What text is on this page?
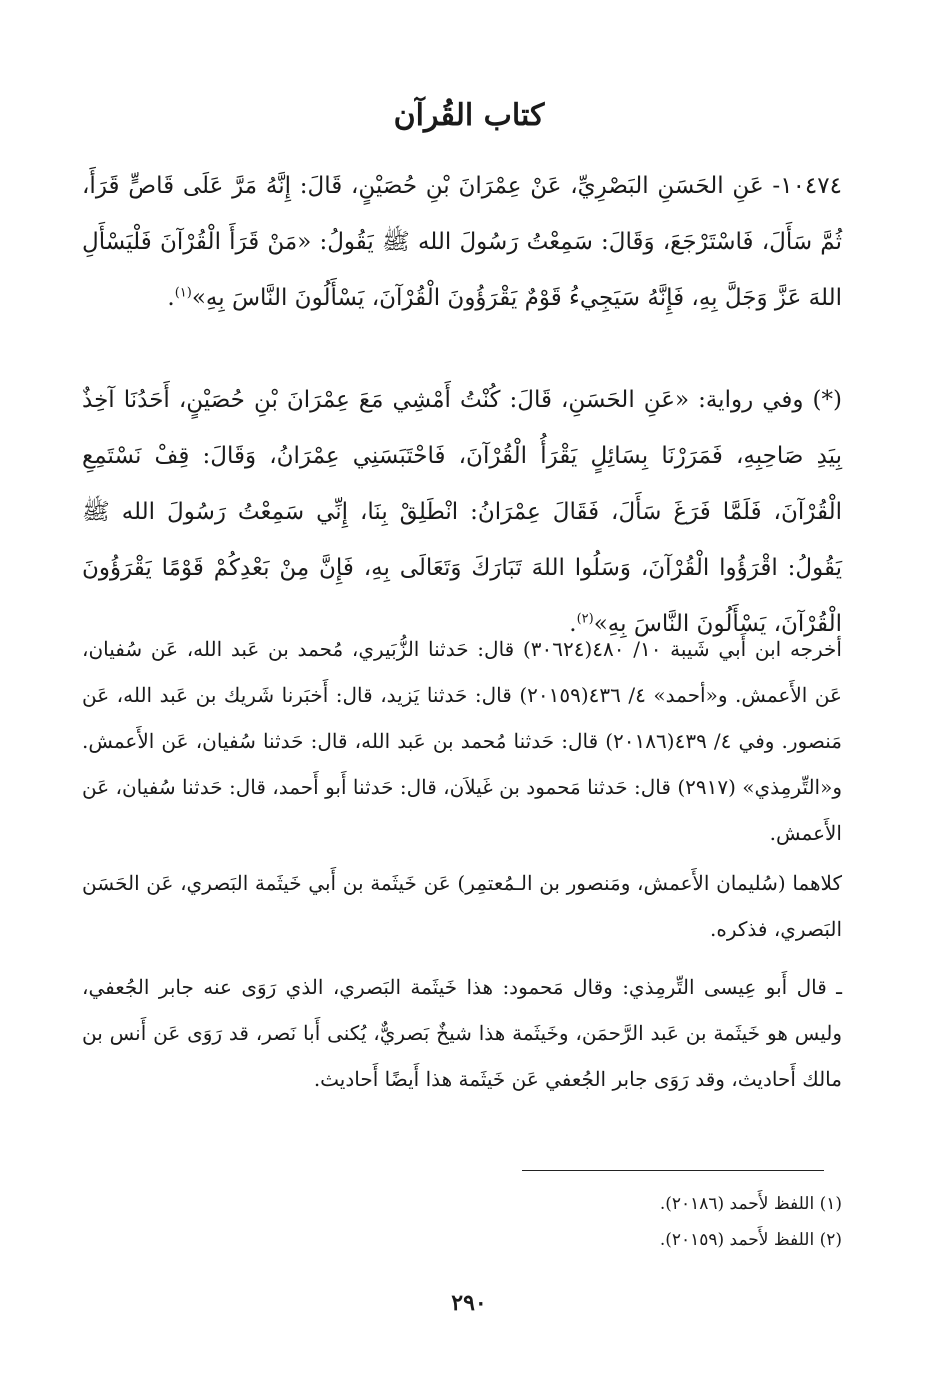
كتاب القُرآن
١٠٤٧٤- عَنِ الحَسَنِ البَصْرِيِّ، عَنْ عِمْرَانَ بْنِ حُصَيْنٍ، قَالَ: إِنَّهُ مَرَّ عَلَى قَاصٍّ قَرَأَ، ثُمَّ سَأَلَ، فَاسْتَرْجَعَ، وَقَالَ: سَمِعْتُ رَسُولَ الله ﷺ يَقُولُ: «مَنْ قَرَأَ الْقُرْآنَ فَلْيَسْأَلِ اللهَ عَزَّ وَجَلَّ بِهِ، فَإِنَّهُ سَيَجِيءُ قَوْمٌ يَقْرَؤُونَ الْقُرْآنَ، يَسْأَلُونَ النَّاسَ بِهِ»$^{(١)}$.
(*) وفي رواية: «عَنِ الحَسَنِ، قَالَ: كُنْتُ أَمْشِي مَعَ عِمْرَانَ بْنِ حُصَيْنٍ، أَحَدُنَا آخِذٌ بِيَدِ صَاحِبِهِ، فَمَرَرْنَا بِسَائِلٍ يَقْرَأُ الْقُرْآنَ، فَاحْتَبَسَنِي عِمْرَانُ، وَقَالَ: قِفْ نَسْتَمِعِ الْقُرْآنَ، فَلَمَّا فَرَغَ سَأَلَ، فَقَالَ عِمْرَانُ: انْطَلِقْ بِنَا، إِنِّي سَمِعْتُ رَسُولَ الله ﷺ يَقُولُ: اقْرَؤُوا الْقُرْآنَ، وَسَلُوا اللهَ تَبَارَكَ وَتَعَالَى بِهِ، فَإِنَّ مِنْ بَعْدِكُمْ قَوْمًا يَقْرَؤُونَ الْقُرْآنَ، يَسْأَلُونَ النَّاسَ بِهِ»$^{(٢)}$.
أخرجه ابن أَبي شَيبة ١٠/ ٤٨٠(٣٠٦٢٤) قال: حَدثنا الزُّبَيري، مُحمد بن عَبد الله، عَن سُفيان، عَن الأَعمش. و«أحمد» ٤/ ٤٣٦(٢٠١٥٩) قال: حَدثنا يَزيد، قال: أَخبَرنا شَريك بن عَبد الله، عَن مَنصور. وفي ٤/ ٤٣٩(٢٠١٨٦) قال: حَدثنا مُحمد بن عَبد الله، قال: حَدثنا سُفيان، عَن الأَعمش. و«التِّرمِذي» (٢٩١٧) قال: حَدثنا مَحمود بن غَيلاَن، قال: حَدثنا أَبو أَحمد، قال: حَدثنا سُفيان، عَن الأَعمش.
كلاهما (سُليمان الأَعمش، ومَنصور بن الـمُعتمِر) عَن خَيثَمة بن أَبي خَيثَمة البَصري، عَن الحَسَن البَصري، فذكره.
ـ قال أَبو عِيسى التِّرمِذي: وقال مَحمود: هذا خَيثَمة البَصري، الذي رَوَى عنه جابر الجُعفي، وليس هو خَيثَمة بن عَبد الرَّحمَن، وخَيثَمة هذا شيخٌ بَصريٌّ، يُكنى أَبا نَصر، قد رَوَى عَن أَنس بن مالك أَحاديث، وقد رَوَى جابر الجُعفي عَن خَيثَمة هذا أَيضًا أَحاديث.
(١) اللفظ لأَحمد (٢٠١٨٦).
(٢) اللفظ لأَحمد (٢٠١٥٩).
٢٩٠
